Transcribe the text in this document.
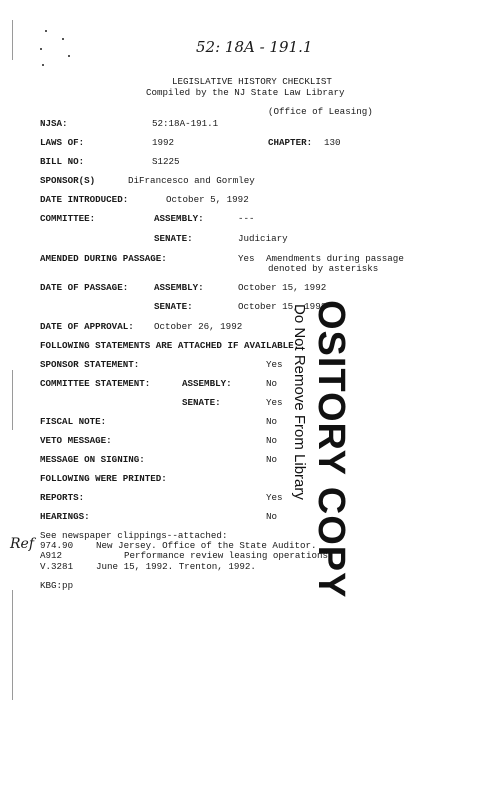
52: 18A - 191.1
LEGISLATIVE HISTORY CHECKLIST
Compiled by the NJ State Law Library
(Office of Leasing)
NJSA:	52:18A-191.1
LAWS OF:	1992	CHAPTER: 130
BILL NO:	S1225
SPONSOR(S)	DiFrancesco and Gormley
DATE INTRODUCED:	October 5, 1992
COMMITTEE:	ASSEMBLY:	---
SENATE:	Judiciary
AMENDED DURING PASSAGE:	Yes Amendments during passage
denoted by asterisks
DATE OF PASSAGE:	ASSEMBLY:	October 15, 1992
SENATE:	October 15, 1992
DATE OF APPROVAL: October 26, 1992
FOLLOWING STATEMENTS ARE ATTACHED IF AVAILABLE:
SPONSOR STATEMENT:	Yes
COMMITTEE STATEMENT:	ASSEMBLY:	No
SENATE:	Yes
FISCAL NOTE:	No
VETO MESSAGE:	No
MESSAGE ON SIGNING:	No
FOLLOWING WERE PRINTED:
REPORTS:	Yes
HEARINGS:	No
See newspaper clippings--attached:
Ref 974.90 New Jersey. Office of the State Auditor.
A912	Performance review leasing operations.
V.3281 June 15, 1992. Trenton, 1992.
KBG:pp	OSITORY COPY
Do Not Remove From Library
